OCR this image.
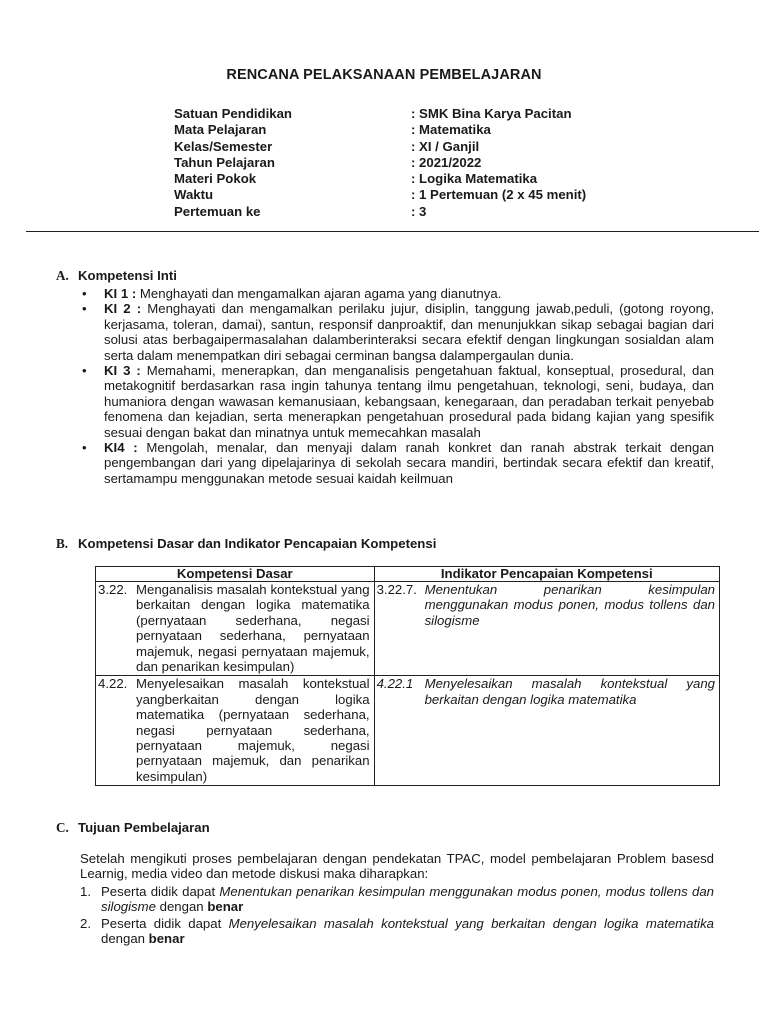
RENCANA PELAKSANAAN PEMBELAJARAN
Satuan Pendidikan	: SMK Bina Karya Pacitan
Mata Pelajaran	: Matematika
Kelas/Semester	: XI / Ganjil
Tahun Pelajaran	: 2021/2022
Materi Pokok	: Logika Matematika
Waktu	: 1 Pertemuan (2 x 45 menit)
Pertemuan ke	: 3
A. Kompetensi Inti
• KI 1 : Menghayati dan mengamalkan ajaran agama yang dianutnya.
• KI 2 : Menghayati dan mengamalkan perilaku jujur, disiplin, tanggung jawab,peduli, (gotong royong, kerjasama, toleran, damai), santun, responsif danproaktif, dan menunjukkan sikap sebagai bagian dari solusi atas berbagaipermasalahan dalamberinteraksi secara efektif dengan lingkungan sosialdan alam serta dalam menempatkan diri sebagai cerminan bangsa dalampergaulan dunia.
• KI 3 : Memahami, menerapkan, dan menganalisis pengetahuan faktual, konseptual, prosedural, dan metakognitif berdasarkan rasa ingin tahunya tentang ilmu pengetahuan, teknologi, seni, budaya, dan humaniora dengan wawasan kemanusiaan, kebangsaan, kenegaraan, dan peradaban terkait penyebab fenomena dan kejadian, serta menerapkan pengetahuan prosedural pada bidang kajian yang spesifik sesuai dengan bakat dan minatnya untuk memecahkan masalah
• KI4 : Mengolah, menalar, dan menyaji dalam ranah konkret dan ranah abstrak terkait dengan pengembangan dari yang dipelajarinya di sekolah secara mandiri, bertindak secara efektif dan kreatif, sertamampu menggunakan metode sesuai kaidah keilmuan
B. Kompetensi Dasar dan Indikator Pencapaian Kompetensi
Kompetensi Dasar	Indikator Pencapaian Kompetensi

3.22. Menganalisis masalah kontekstual yang berkaitan dengan logika matematika (pernyataan sederhana, negasi pernyataan sederhana, pernyataan majemuk, negasi pernyataan majemuk, dan penarikan kesimpulan)	3.22.7. Menentukan penarikan kesimpulan menggunakan modus ponen, modus tollens dan silogisme

4.22. Menyelesaikan masalah kontekstual yangberkaitan dengan logika matematika (pernyataan sederhana, negasi pernyataan sederhana, pernyataan majemuk, negasi pernyataan majemuk, dan penarikan kesimpulan)	4.22.1 Menyelesaikan masalah kontekstual yang berkaitan dengan logika matematika
C. Tujuan Pembelajaran
Setelah mengikuti proses pembelajaran dengan pendekatan TPAC, model pembelajaran Problem basesd Learnig, media video dan metode diskusi maka diharapkan:
1. Peserta didik dapat Menentukan penarikan kesimpulan menggunakan modus ponen, modus tollens dan silogisme dengan benar
2. Peserta didik dapat Menyelesaikan masalah kontekstual yang berkaitan dengan logika matematika dengan benar
